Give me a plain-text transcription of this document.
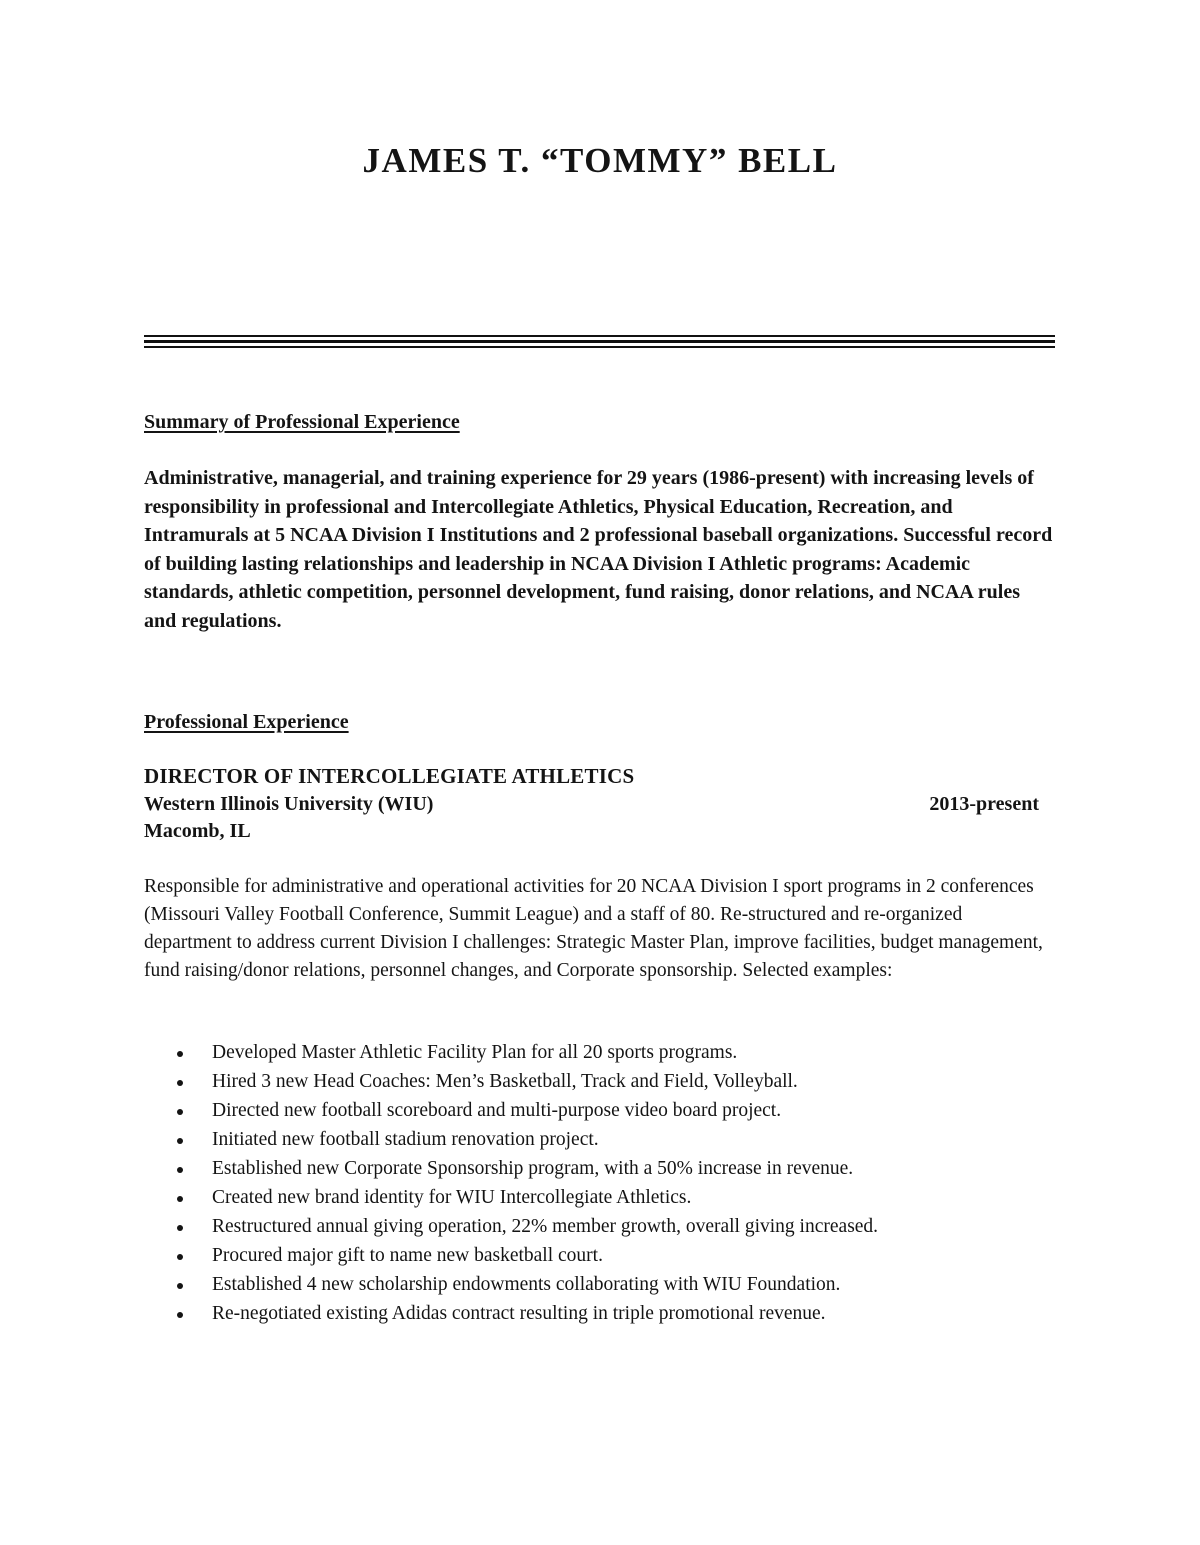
JAMES T. “TOMMY” BELL
Summary of Professional Experience

Administrative, managerial, and training experience for 29 years (1986-present) with increasing levels of responsibility in professional and Intercollegiate Athletics, Physical Education, Recreation, and Intramurals at 5 NCAA Division I Institutions and 2 professional baseball organizations. Successful record of building lasting relationships and leadership in NCAA Division I Athletic programs: Academic standards, athletic competition, personnel development, fund raising, donor relations, and NCAA rules and regulations.

Professional Experience

DIRECTOR OF INTERCOLLEGIATE ATHLETICS

Western Illinois University (WIU)	2013-present

Macomb, IL

Responsible for administrative and operational activities for 20 NCAA Division I sport programs in 2 conferences (Missouri Valley Football Conference, Summit League) and a staff of 80. Re-structured and re-organized department to address current Division I challenges: Strategic Master Plan, improve facilities, budget management, fund raising/donor relations, personnel changes, and Corporate sponsorship. Selected examples:

Developed Master Athletic Facility Plan for all 20 sports programs.
Hired 3 new Head Coaches: Men’s Basketball, Track and Field, Volleyball.
Directed new football scoreboard and multi-purpose video board project.
Initiated new football stadium renovation project.
Established new Corporate Sponsorship program, with a 50% increase in revenue.
Created new brand identity for WIU Intercollegiate Athletics.
Restructured annual giving operation, 22% member growth, overall giving increased.
Procured major gift to name new basketball court.
Established 4 new scholarship endowments collaborating with WIU Foundation.
Re-negotiated existing Adidas contract resulting in triple promotional revenue.
